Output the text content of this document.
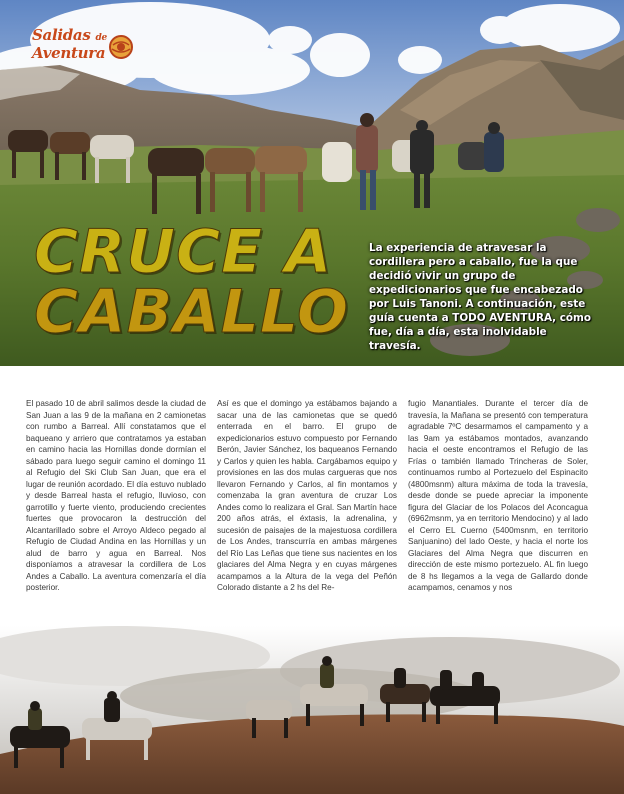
Salidas de
Aventura
CRUCE A
CABALLO
La experiencia de atravesar la cordillera pero a caballo, fue la que decidió vivir un grupo de expedicionarios que fue encabezado por Luis Tanoni. A continuación, este guía cuenta a TODO AVENTURA, cómo fue, día a día, esta inolvidable travesía.

El pasado 10 de abril salimos desde la ciudad de San Juan a las 9 de la mañana en 2 camionetas con rumbo a Barreal. Allí constatamos que el baqueano y arriero que contratamos ya estaban en camino hacia las Hornillas donde dormían el sábado para luego seguir camino el domingo 11 al Refugio del Ski Club San Juan, que era el lugar de reunión acordado. El día estuvo nublado y desde Barreal hasta el refugio, lluvioso, con garrotillo y fuerte viento, produciendo crecientes fuertes que provocaron la destrucción del Alcantarillado sobre el Arroyo Aldeco pegado al Refugio de Ciudad Andina en las Hornillas y un alud de barro y agua en Barreal. Nos disponíamos a atravesar la cordillera de Los Andes a Caballo. La aventura comenzaría el día posterior.

Así es que el domingo ya estábamos bajando a sacar una de las camionetas que se quedó enterrada en el barro. El grupo de expedicionarios estuvo compuesto por Fernando Berón, Javier Sánchez, los baqueanos Fernando y Carlos y quien les habla. Cargábamos equipo y provisiones en las dos mulas cargueras que nos llevaron Fernando y Carlos, al fin montamos y comenzaba la gran aventura de cruzar Los Andes como lo realizara el Gral. San Martín hace 200 años atrás, el éxtasis, la adrenalina, y sucesión de paisajes de la majestuosa cordillera de Los Andes, transcurría en ambas márgenes del Río Las Leñas que tiene sus nacientes en los glaciares del Alma Negra y en cuyas márgenes acampamos a la Altura de la vega del Peñón Colorado distante a 2 hs del Re-

fugio Manantiales. Durante el tercer día de travesía, la Mañana se presentó con temperatura agradable 7ºC desarmamos el campamento y a las 9am ya estábamos montados, avanzando hacia el oeste encontramos el Refugio de las Frías o también llamado Trincheras de Soler, continuamos rumbo al Portezuelo del Espinacito (4800msnm) altura máxima de toda la travesía, desde donde se puede apreciar la imponente figura del Glaciar de los Polacos del Aconcagua (6962msnm, ya en territorio Mendocino) y al lado el Cerro EL Cuerno (5400msnm, en territorio Sanjuanino) del lado Oeste, y hacia el norte los Glaciares del Alma Negra que discurren en dirección de este mismo portezuelo. AL fin luego de 8 hs llegamos a la vega de Gallardo donde acampamos, cenamos y nos
